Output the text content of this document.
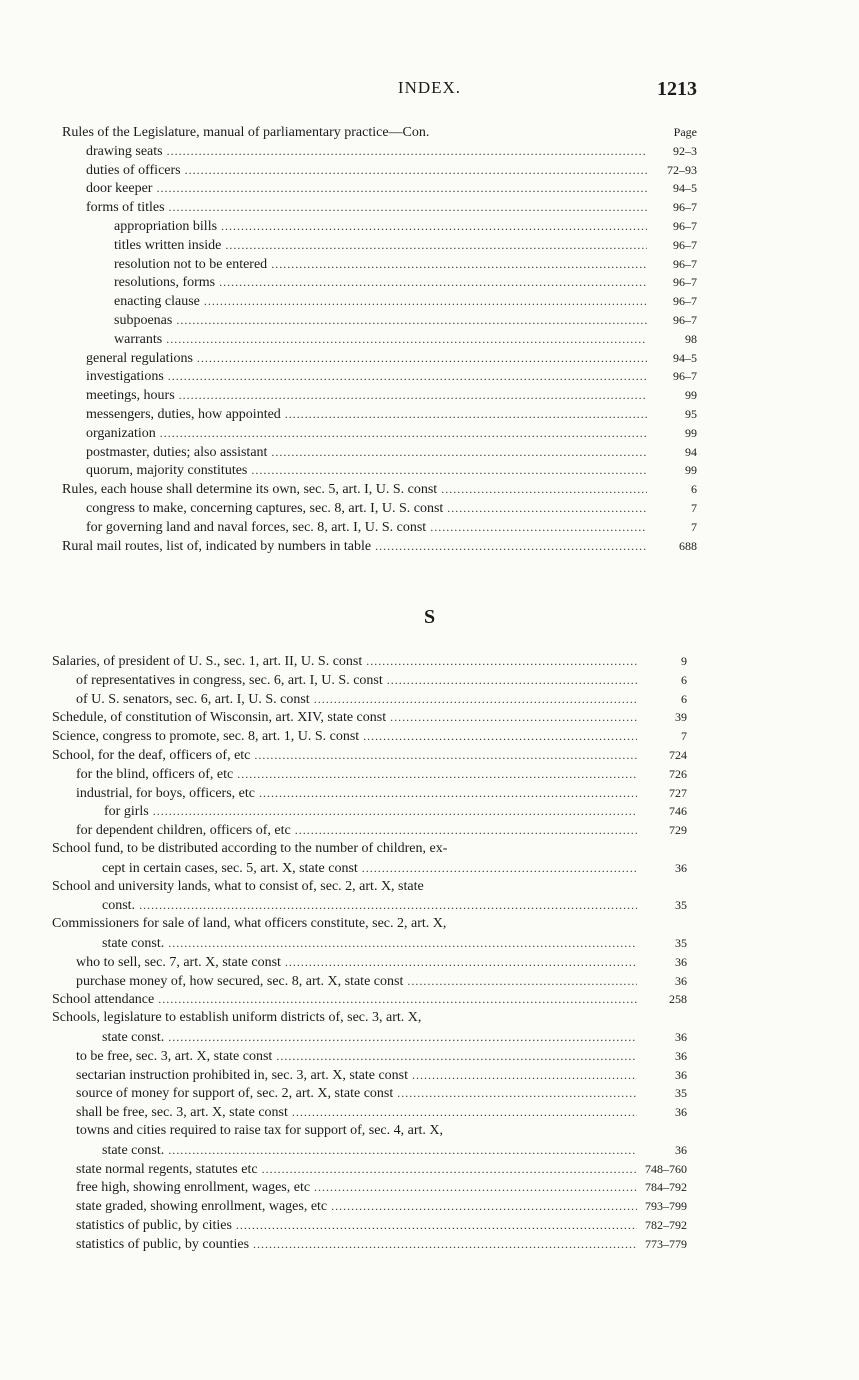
INDEX.	1213
Rules of the Legislature, manual of parliamentary practice—Con.	Page
drawing seats .....	92–3
duties of officers .....	72–93
door keeper .....	94–5
forms of titles .....	96–7
appropriation bills .....	96–7
titles written inside .....	96–7
resolution not to be entered .....	96–7
resolutions, forms .....	96–7
enacting clause .....	96–7
subpoenas .....	96–7
warrants .....	98
general regulations .....	94–5
investigations .....	96–7
meetings, hours .....	99
messengers, duties, how appointed .....	95
organization .....	99
postmaster, duties; also assistant .....	94
quorum, majority constitutes .....	99
Rules, each house shall determine its own, sec. 5, art. I, U. S. const .....	6
congress to make, concerning captures, sec. 8, art. I, U. S. const .....	7
for governing land and naval forces, sec. 8, art. I, U. S. const .....	7
Rural mail routes, list of, indicated by numbers in table .....	688
S
Salaries, of president of U. S., sec. 1, art. II, U. S. const .....	9
of representatives in congress, sec. 6, art. I, U. S. const .....	6
of U. S. senators, sec. 6, art. I, U. S. const .....	6
Schedule, of constitution of Wisconsin, art. XIV, state const .....	39
Science, congress to promote, sec. 8, art. 1, U. S. const .....	7
School, for the deaf, officers of, etc .....	724
for the blind, officers of, etc .....	726
industrial, for boys, officers, etc .....	727
for girls .....	746
for dependent children, officers of, etc .....	729
School fund, to be distributed according to the number of children, ex-
cept in certain cases, sec. 5, art. X, state const .....	36
School and university lands, what to consist of, sec. 2, art. X, state
const. .....	35
Commissioners for sale of land, what officers constitute, sec. 2, art. X,
state const. .....	35
who to sell, sec. 7, art. X, state const .....	36
purchase money of, how secured, sec. 8, art. X, state const .....	36
School attendance .....	258
Schools, legislature to establish uniform districts of, sec. 3, art. X,
state const. .....	36
to be free, sec. 3, art. X, state const .....	36
sectarian instruction prohibited in, sec. 3, art. X, state const .....	36
source of money for support of, sec. 2, art. X, state const .....	35
shall be free, sec. 3, art. X, state const .....	36
towns and cities required to raise tax for support of, sec. 4, art. X,
state const. .....	36
state normal regents, statutes etc .....	748–760
free high, showing enrollment, wages, etc .....	784–792
state graded, showing enrollment, wages, etc .....	793–799
statistics of public, by cities .....	782–792
statistics of public, by counties .....	773–779
